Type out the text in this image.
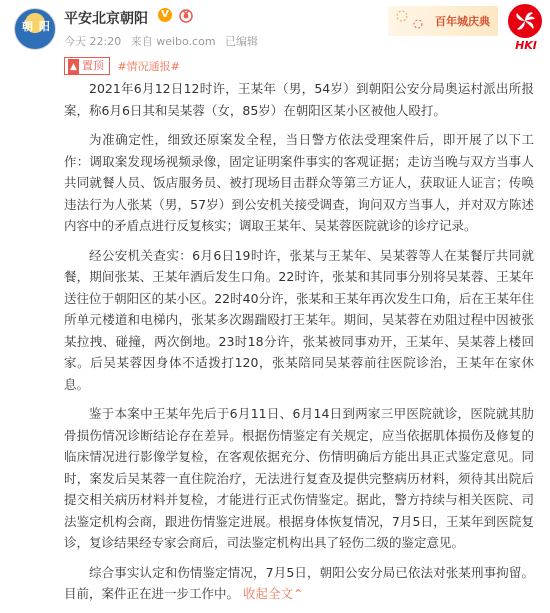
朝 阳 平安北京朝阳	V
今天 22:20 来自 weibo.com 已编辑
百年城庆典
HKI
▲ 置顶 #情况通报#

2021年6月12日12时许，王某年（男，54岁）到朝阳公安分局奥运村派出所报案，称6月6日其和吴某蓉（女，85岁）在朝阳区某小区被他人殴打。

为准确定性，细致还原案发全程，当日警方依法受理案件后，即开展了以下工作：调取案发现场视频录像，固定证明案件事实的客观证据；走访当晚与双方当事人共同就餐人员、饭店服务员、被打现场目击群众等第三方证人，获取证人证言；传唤违法行为人张某（男，57岁）到公安机关接受调查，询问双方当事人，并对双方陈述内容中的矛盾点进行反复核实；调取王某年、吴某蓉医院就诊的诊疗记录。

经公安机关查实：6月6日19时许，张某与王某年、吴某蓉等人在某餐厅共同就餐，期间张某、王某年酒后发生口角。22时许，张某和其同事分别将吴某蓉、王某年送往位于朝阳区的某小区。22时40分许，张某和王某年再次发生口角，后在王某年住所单元楼道和电梯内，张某多次踢踹殴打王某年。期间，吴某蓉在劝阻过程中因被张某拉拽、碰撞，两次倒地。23时18分许，张某被同事劝开，王某年、吴某蓉上楼回家。后吴某蓉因身体不适拨打120，张某陪同吴某蓉前往医院诊治，王某年在家休息。

鉴于本案中王某年先后于6月11日、6月14日到两家三甲医院就诊，医院就其肋骨损伤情况诊断结论存在差异。根据伤情鉴定有关规定，应当依据肌体损伤及修复的临床情况进行影像学复检，在客观依据充分、伤情明确后方能出具正式鉴定意见。同时，案发后吴某蓉一直住院治疗，无法进行复查及提供完整病历材料，须待其出院后提交相关病历材料并复检，才能进行正式伤情鉴定。据此，警方持续与相关医院、司法鉴定机构会商，跟进伤情鉴定进展。根据身体恢复情况，7月5日，王某年到医院复诊，复诊结果经专家会商后，司法鉴定机构出具了轻伤二级的鉴定意见。

综合事实认定和伤情鉴定情况，7月5日，朝阳公安分局已依法对张某刑事拘留。目前，案件正在进一步工作中。 收起全文⌃
